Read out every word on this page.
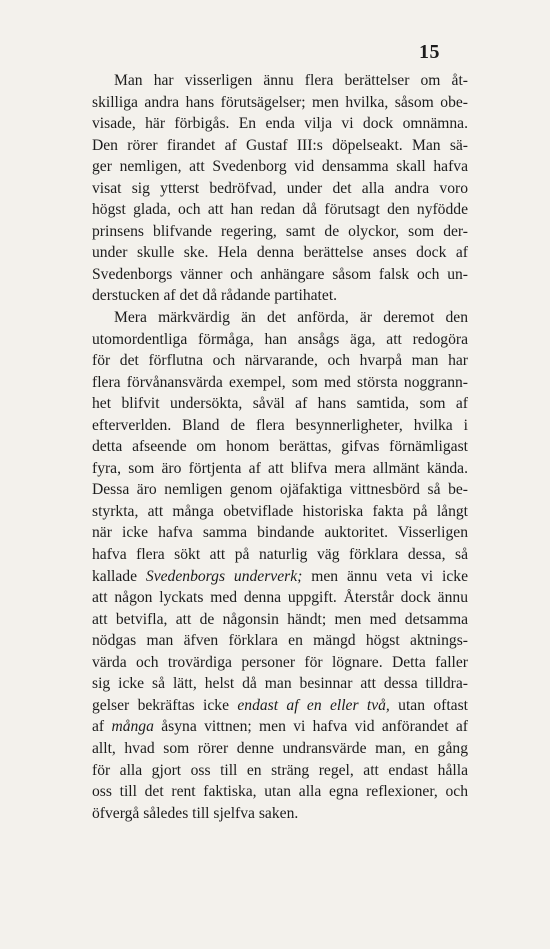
15
Man har visserligen ännu flera berättelser om åt-
skilliga andra hans förutsägelser; men hvilka, såsom obe-
visade, här förbigås. En enda vilja vi dock omnämna.
Den rörer firandet af Gustaf III:s döpelseakt. Man sä-
ger nemligen, att Svedenborg vid densamma skall hafva
visat sig ytterst bedröfvad, under det alla andra voro
högst glada, och att han redan då förutsagt den nyfödde
prinsens blifvande regering, samt de olyckor, som der-
under skulle ske. Hela denna berättelse anses dock af
Svedenborgs vänner och anhängare såsom falsk och un-
derstucken af det då rådande partihatet.
Mera märkvärdig än det anförda, är deremot den
utomordentliga förmåga, han ansågs äga, att redogöra
för det förflutna och närvarande, och hvarpå man har
flera förvånansvärda exempel, som med största noggrann-
het blifvit undersökta, såväl af hans samtida, som af
efterverlden. Bland de flera besynnerligheter, hvilka i
detta afseende om honom berättas, gifvas förnämligast
fyra, som äro förtjenta af att blifva mera allmänt kända.
Dessa äro nemligen genom ojäfaktiga vittnesbörd så be-
styrkta, att många obetviflade historiska fakta på långt
när icke hafva samma bindande auktoritet. Visserligen
hafva flera sökt att på naturlig väg förklara dessa, så
kallade Svedenborgs underverk; men ännu veta vi icke
att någon lyckats med denna uppgift. Återstår dock ännu
att betvifla, att de någonsin händt; men med detsamma
nödgas man äfven förklara en mängd högst aktnings-
värda och trovärdiga personer för lögnare. Detta faller
sig icke så lätt, helst då man besinnar att dessa tilldra-
gelser bekräftas icke endast af en eller två, utan oftast
af många åsyna vittnen; men vi hafva vid anförandet af
allt, hvad som rörer denne undransvärde man, en gång
för alla gjort oss till en sträng regel, att endast hålla
oss till det rent faktiska, utan alla egna reflexioner, och
öfvergå således till sjelfva saken.
